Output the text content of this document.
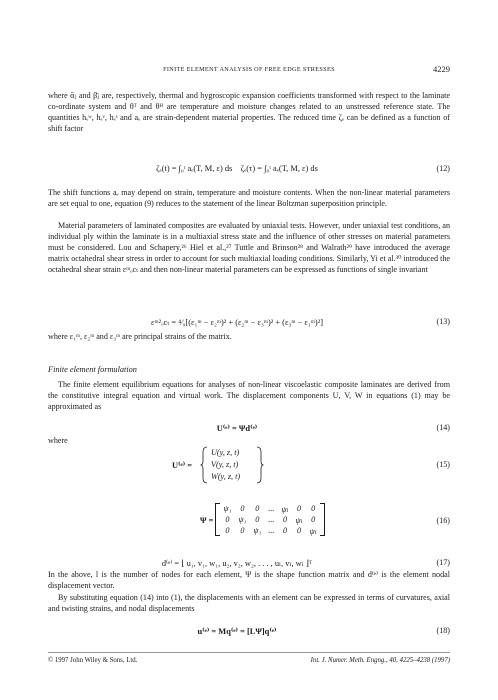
FINITE ELEMENT ANALYSIS OF FREE EDGE STRESSES	4229
where ᾱⱼ and β̄ⱼ are, respectively, thermal and hygroscopic expansion coefficients transformed with respect to the laminate co-ordinate system and θᵀ and θᴴ are temperature and moisture changes related to an unstressed reference state. The quantities hₑʷ, hₑᵛ, hₑˢ and aₑ are strain-dependent material properties. The reduced time ζₑ can be defined as a function of shift factor
ζₑ(t) = ∫₀ᵗ aₑ(T, M, ε) ds ζₑ(τ) = ∫₀ᵗ aₑ(T, M, ε) ds	(12)
The shift functions aₑ may depend on strain, temperature and moisture contents. When the non-linear material parameters are set equal to one, equation (9) reduces to the statement of the linear Boltzman superposition principle.
Material parameters of laminated composites are evaluated by uniaxial tests. However, under uniaxial test conditions, an individual ply within the laminate is in a multiaxial stress state and the influence of other stresses on material parameters must be considered. Lou and Schapery,²⁶ Hiel et al.,²⁷ Tuttle and Brinson²⁸ and Walrath²⁹ have introduced the average matrix octahedral shear stress in order to account for such multiaxial loading conditions. Similarly, Yi et al.³⁰ introduced the octahedral shear strain εᵐₒcₜ and then non-linear material parameters can be expressed as functions of single invariant
εᵐ²ₒcₜ = ⁴⁄₉[(ε₁ᵐ − ε₂ᵐ)² + (ε₂ᵐ − ε₃ᵐ)² + (ε₃ᵐ − ε₁ᵐ)²]	(13)
where ε₁ᵐ, ε₂ᵐ and ε₃ᵐ are principal strains of the matrix.
Finite element formulation
The finite element equilibrium equations for analyses of non-linear viscoelastic composite laminates are derived from the constitutive integral equation and virtual work. The displacement components U, V, W in equations (1) may be approximated as
U⁽ᵉ⁾ = Ψd⁽ᵉ⁾	(14)
where
U⁽ᵉ⁾ =
U(y, z, t)
V(y, z, t)
W(y, z, t)
(15)
Ψ =
ψ₁	0	0	...	ψₗ	0	0
0	ψ₁	0	...	0	ψₗ	0
0	0	ψ₁	...	0	0	ψₗ
(16)
d⁽ᵉ⁾ = ⌊ u₁, v₁, w₁, u₂, v₂, w₂, . . . , uₗ, vₗ, wₗ ⌋ᵀ	(17)
In the above, l is the number of nodes for each element, Ψ is the shape function matrix and d⁽ᵉ⁾ is the element nodal displacement vector.
By substituting equation (14) into (1), the displacements with an element can be expressed in terms of curvatures, axial and twisting strains, and nodal displacements
u⁽ᵉ⁾ = Mq⁽ᵉ⁾ = [LΨ]q⁽ᵉ⁾	(18)
© 1997 John Wiley & Sons, Ltd.	Int. J. Numer. Meth. Engng., 40, 4225–4238 (1997)
